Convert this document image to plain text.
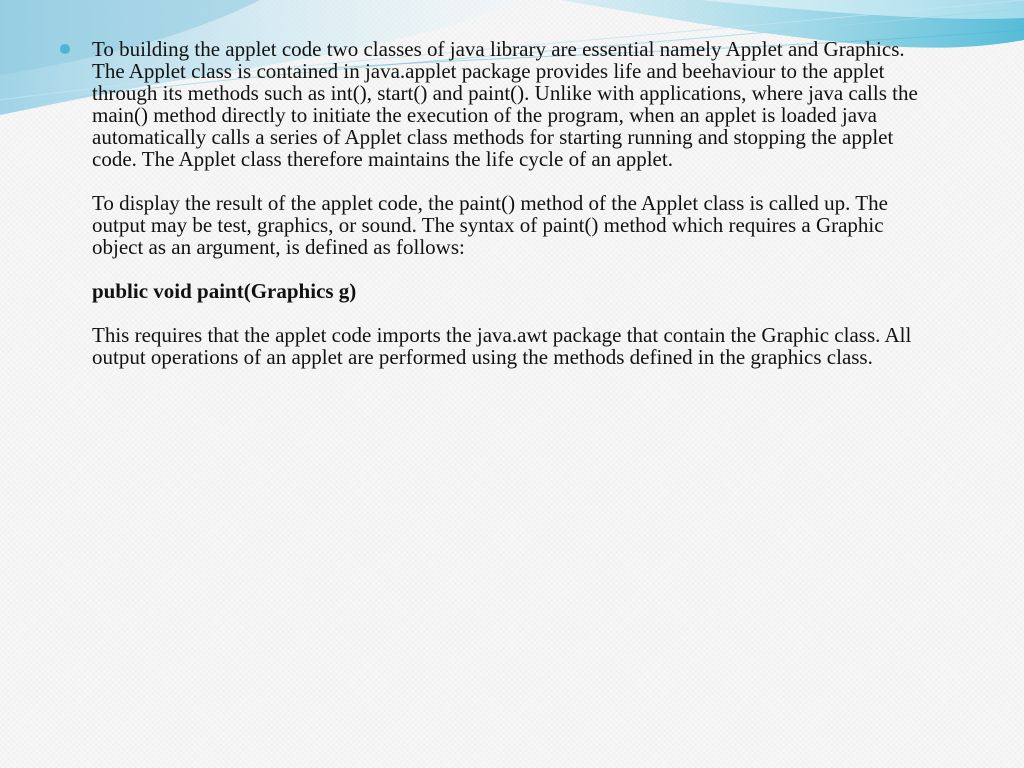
To building the applet code two classes of java library are essential namely Applet and Graphics. The Applet class is contained in java.applet package provides life and beehaviour to the applet through its methods such as int(), start() and paint(). Unlike with applications, where java calls the main() method directly to initiate the execution of the program, when an applet is loaded java automatically calls a series of Applet class methods for starting running and stopping the applet code. The Applet class therefore maintains the life cycle of an applet.

To display the result of the applet code, the paint() method of the Applet class is called up. The output may be test, graphics, or sound. The syntax of paint() method which requires a Graphic object as an argument, is defined as follows:

public void paint(Graphics g)

This requires that the applet code imports the java.awt package that contain the Graphic class. All output operations of an applet are performed using the methods defined in the graphics class.
